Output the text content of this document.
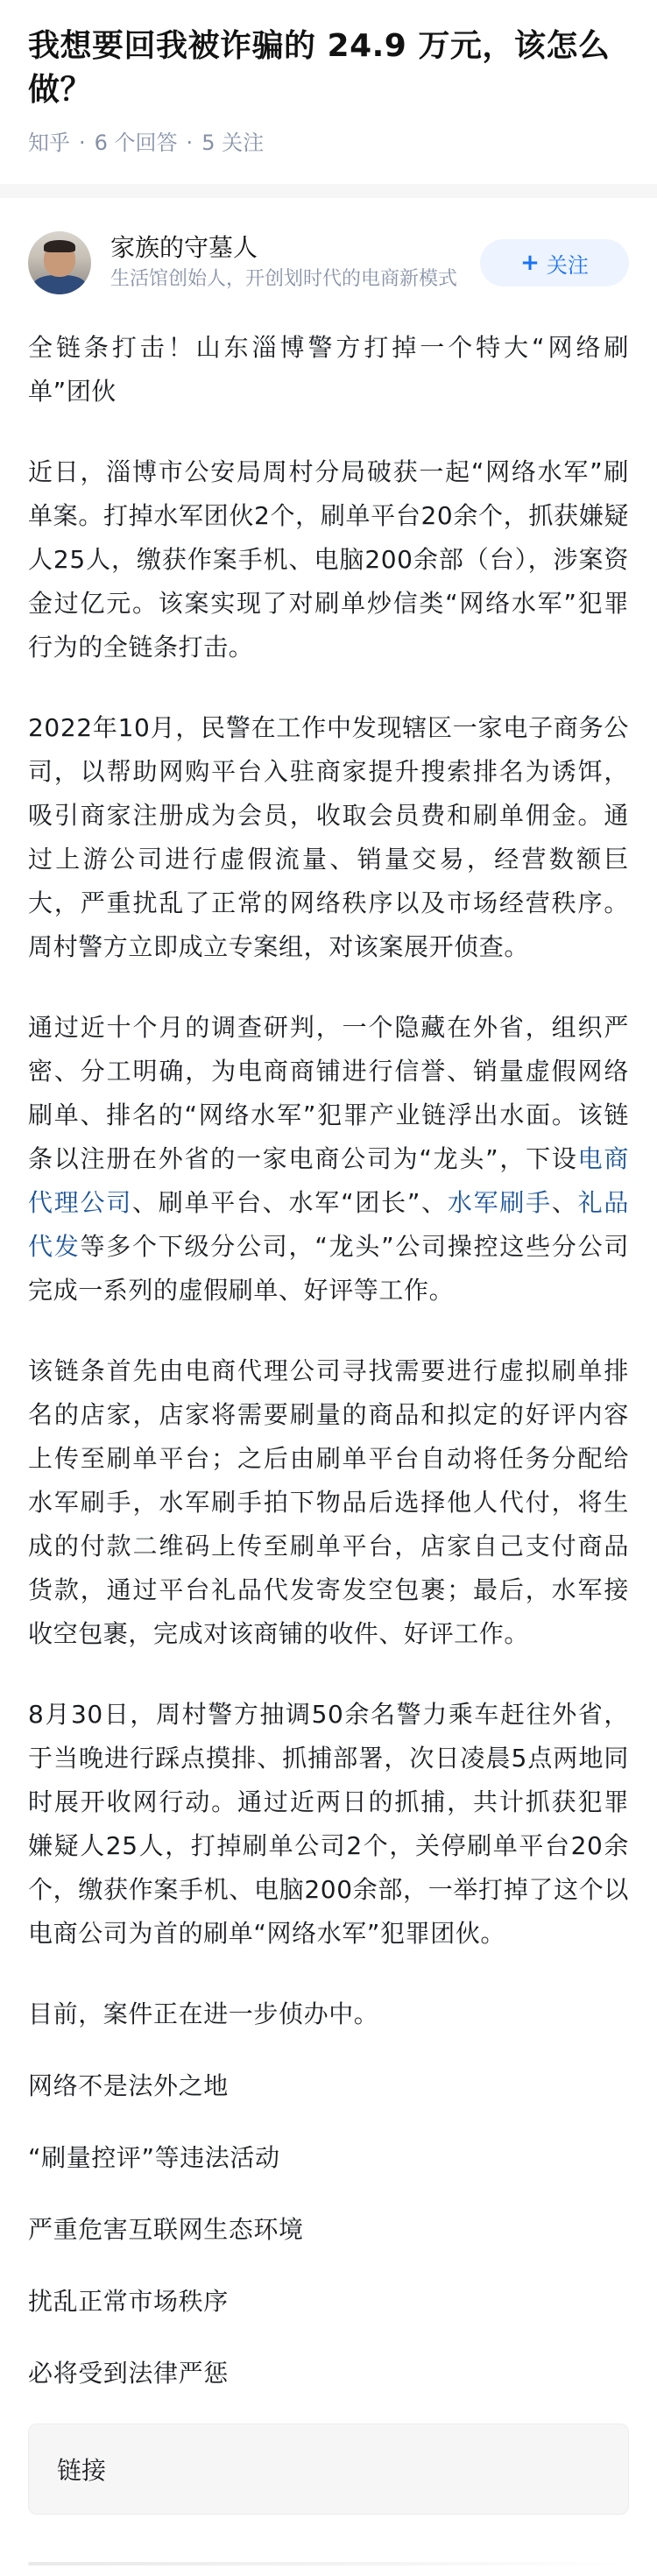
我想要回我被诈骗的 24.9 万元，该怎么做？
知乎 · 6 个回答 · 5 关注
家族的守墓人
生活馆创始人，开创划时代的电商新模式
+ 关注

全链条打击！山东淄博警方打掉一个特大“网络刷单”团伙

近日，淄博市公安局周村分局破获一起“网络水军”刷单案。打掉水军团伙2个，刷单平台20余个，抓获嫌疑人25人，缴获作案手机、电脑200余部（台），涉案资金过亿元。该案实现了对刷单炒信类“网络水军”犯罪行为的全链条打击。

2022年10月，民警在工作中发现辖区一家电子商务公司，以帮助网购平台入驻商家提升搜索排名为诱饵，吸引商家注册成为会员，收取会员费和刷单佣金。通过上游公司进行虚假流量、销量交易，经营数额巨大，严重扰乱了正常的网络秩序以及市场经营秩序。周村警方立即成立专案组，对该案展开侦查。

通过近十个月的调查研判，一个隐藏在外省，组织严密、分工明确，为电商商铺进行信誉、销量虚假网络刷单、排名的“网络水军”犯罪产业链浮出水面。该链条以注册在外省的一家电商公司为“龙头”，下设电商代理公司、刷单平台、水军“团长”、水军刷手、礼品代发等多个下级分公司，“龙头”公司操控这些分公司完成一系列的虚假刷单、好评等工作。

该链条首先由电商代理公司寻找需要进行虚拟刷单排名的店家，店家将需要刷量的商品和拟定的好评内容上传至刷单平台；之后由刷单平台自动将任务分配给水军刷手，水军刷手拍下物品后选择他人代付，将生成的付款二维码上传至刷单平台，店家自己支付商品货款，通过平台礼品代发寄发空包裹；最后，水军接收空包裹，完成对该商铺的收件、好评工作。

8月30日，周村警方抽调50余名警力乘车赶往外省，于当晚进行踩点摸排、抓捕部署，次日凌晨5点两地同时展开收网行动。通过近两日的抓捕，共计抓获犯罪嫌疑人25人，打掉刷单公司2个，关停刷单平台20余个，缴获作案手机、电脑200余部，一举打掉了这个以电商公司为首的刷单“网络水军”犯罪团伙。

目前，案件正在进一步侦办中。

网络不是法外之地

“刷量控评”等违法活动

严重危害互联网生态环境

扰乱正常市场秩序

必将受到法律严惩

链接
